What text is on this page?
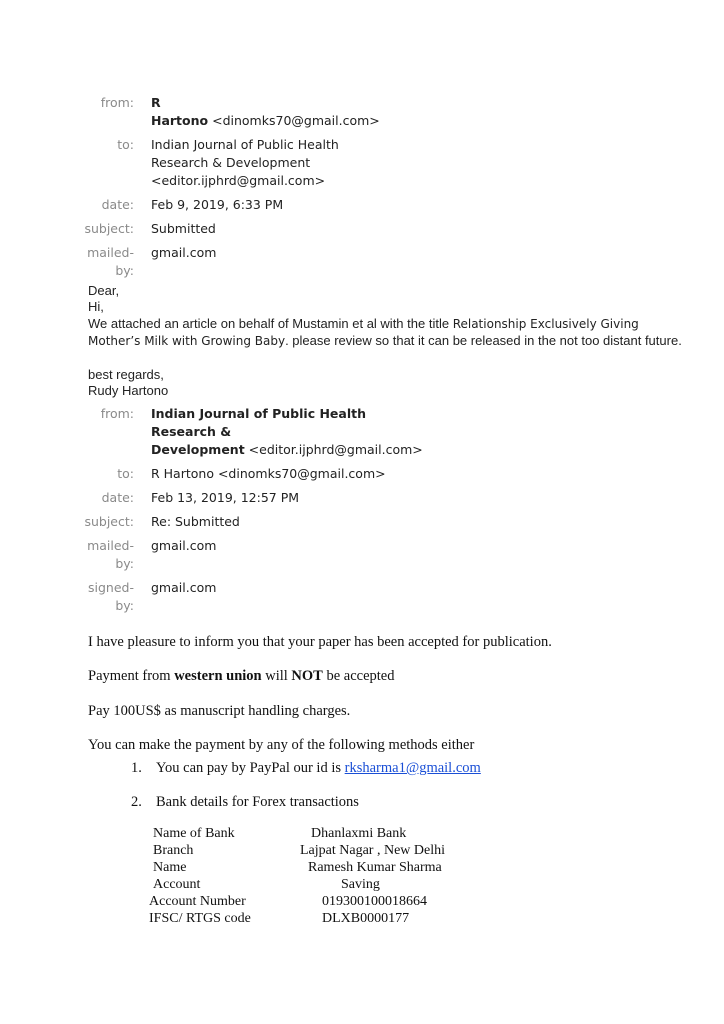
from: R
Hartono <dinomks70@gmail.com>
to: Indian Journal of Public Health
Research & Development
<editor.ijphrd@gmail.com>
date: Feb 9, 2019, 6:33 PM
subject: Submitted
mailed-
by:
gmail.com
Dear,
Hi,
We attached an article on behalf of Mustamin et al with the title Relationship Exclusively Giving
Mother’s Milk with Growing Baby. please review so that it can be released in the not too distant future.
best regards,
Rudy Hartono
from: Indian Journal of Public Health
Research &
Development <editor.ijphrd@gmail.com>
to: R Hartono <dinomks70@gmail.com>
date: Feb 13, 2019, 12:57 PM
subject: Re: Submitted
mailed-
by:
gmail.com
signed-
by:
gmail.com
I have pleasure to inform you that your paper has been accepted for publication.
Payment from western union will NOT be accepted
Pay 100US$ as manuscript handling charges.
You can make the payment by any of the following methods either
1. You can pay by PayPal our id is rksharma1@gmail.com
2. Bank details for Forex transactions
Name of Bank	Dhanlaxmi Bank
Branch	Lajpat Nagar , New Delhi
Name	Ramesh Kumar Sharma
Account	Saving
Account Number	019300100018664
IFSC/ RTGS code	DLXB0000177
